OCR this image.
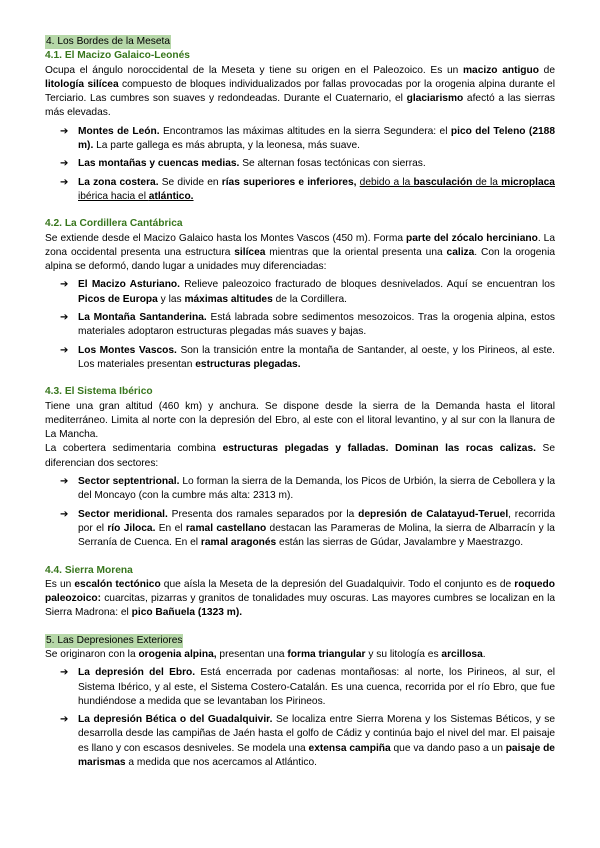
4. Los Bordes de la Meseta

4.1. El Macizo Galaico-Leonés

Ocupa el ángulo noroccidental de la Meseta y tiene su origen en el Paleozoico. Es un macizo antiguo de litología silícea compuesto de bloques individualizados por fallas provocadas por la orogenia alpina durante el Terciario. Las cumbres son suaves y redondeadas. Durante el Cuaternario, el glaciarismo afectó a las sierras más elevadas.

➔ Montes de León. Encontramos las máximas altitudes en la sierra Segundera: el pico del Teleno (2188 m). La parte gallega es más abrupta, y la leonesa, más suave.
➔ Las montañas y cuencas medias. Se alternan fosas tectónicas con sierras.
➔ La zona costera. Se divide en rías superiores e inferiores, debido a la basculación de la microplaca ibérica hacia el atlántico.

4.2. La Cordillera Cantábrica

Se extiende desde el Macizo Galaico hasta los Montes Vascos (450 m). Forma parte del zócalo herciniano. La zona occidental presenta una estructura silícea mientras que la oriental presenta una caliza. Con la orogenia alpina se deformó, dando lugar a unidades muy diferenciadas:

➔ El Macizo Asturiano. Relieve paleozoico fracturado de bloques desnivelados. Aquí se encuentran los Picos de Europa y las máximas altitudes de la Cordillera.
➔ La Montaña Santanderina. Está labrada sobre sedimentos mesozoicos. Tras la orogenia alpina, estos materiales adoptaron estructuras plegadas más suaves y bajas.
➔ Los Montes Vascos. Son la transición entre la montaña de Santander, al oeste, y los Pirineos, al este. Los materiales presentan estructuras plegadas.

4.3. El Sistema Ibérico

Tiene una gran altitud (460 km) y anchura. Se dispone desde la sierra de la Demanda hasta el litoral mediterráneo. Limita al norte con la depresión del Ebro, al este con el litoral levantino, y al sur con la llanura de La Mancha.

La cobertera sedimentaria combina estructuras plegadas y falladas. Dominan las rocas calizas. Se diferencian dos sectores:

➔ Sector septentrional. Lo forman la sierra de la Demanda, los Picos de Urbión, la sierra de Cebollera y la del Moncayo (con la cumbre más alta: 2313 m).
➔ Sector meridional. Presenta dos ramales separados por la depresión de Calatayud-Teruel, recorrida por el río Jiloca. En el ramal castellano destacan las Parameras de Molina, la sierra de Albarracín y la Serranía de Cuenca. En el ramal aragonés están las sierras de Gúdar, Javalambre y Maestrazgo.

4.4. Sierra Morena

Es un escalón tectónico que aísla la Meseta de la depresión del Guadalquivir. Todo el conjunto es de roquedo paleozoico: cuarcitas, pizarras y granitos de tonalidades muy oscuras. Las mayores cumbres se localizan en la Sierra Madrona: el pico Bañuela (1323 m).

5. Las Depresiones Exteriores

Se originaron con la orogenia alpina, presentan una forma triangular y su litología es arcillosa.

➔ La depresión del Ebro. Está encerrada por cadenas montañosas: al norte, los Pirineos, al sur, el Sistema Ibérico, y al este, el Sistema Costero-Catalán. Es una cuenca, recorrida por el río Ebro, que fue hundiéndose a medida que se levantaban los Pirineos.
➔ La depresión Bética o del Guadalquivir. Se localiza entre Sierra Morena y los Sistemas Béticos, y se desarrolla desde las campiñas de Jaén hasta el golfo de Cádiz y continúa bajo el nivel del mar. El paisaje es llano y con escasos desniveles. Se modela una extensa campiña que va dando paso a un paisaje de marismas a medida que nos acercamos al Atlántico.
